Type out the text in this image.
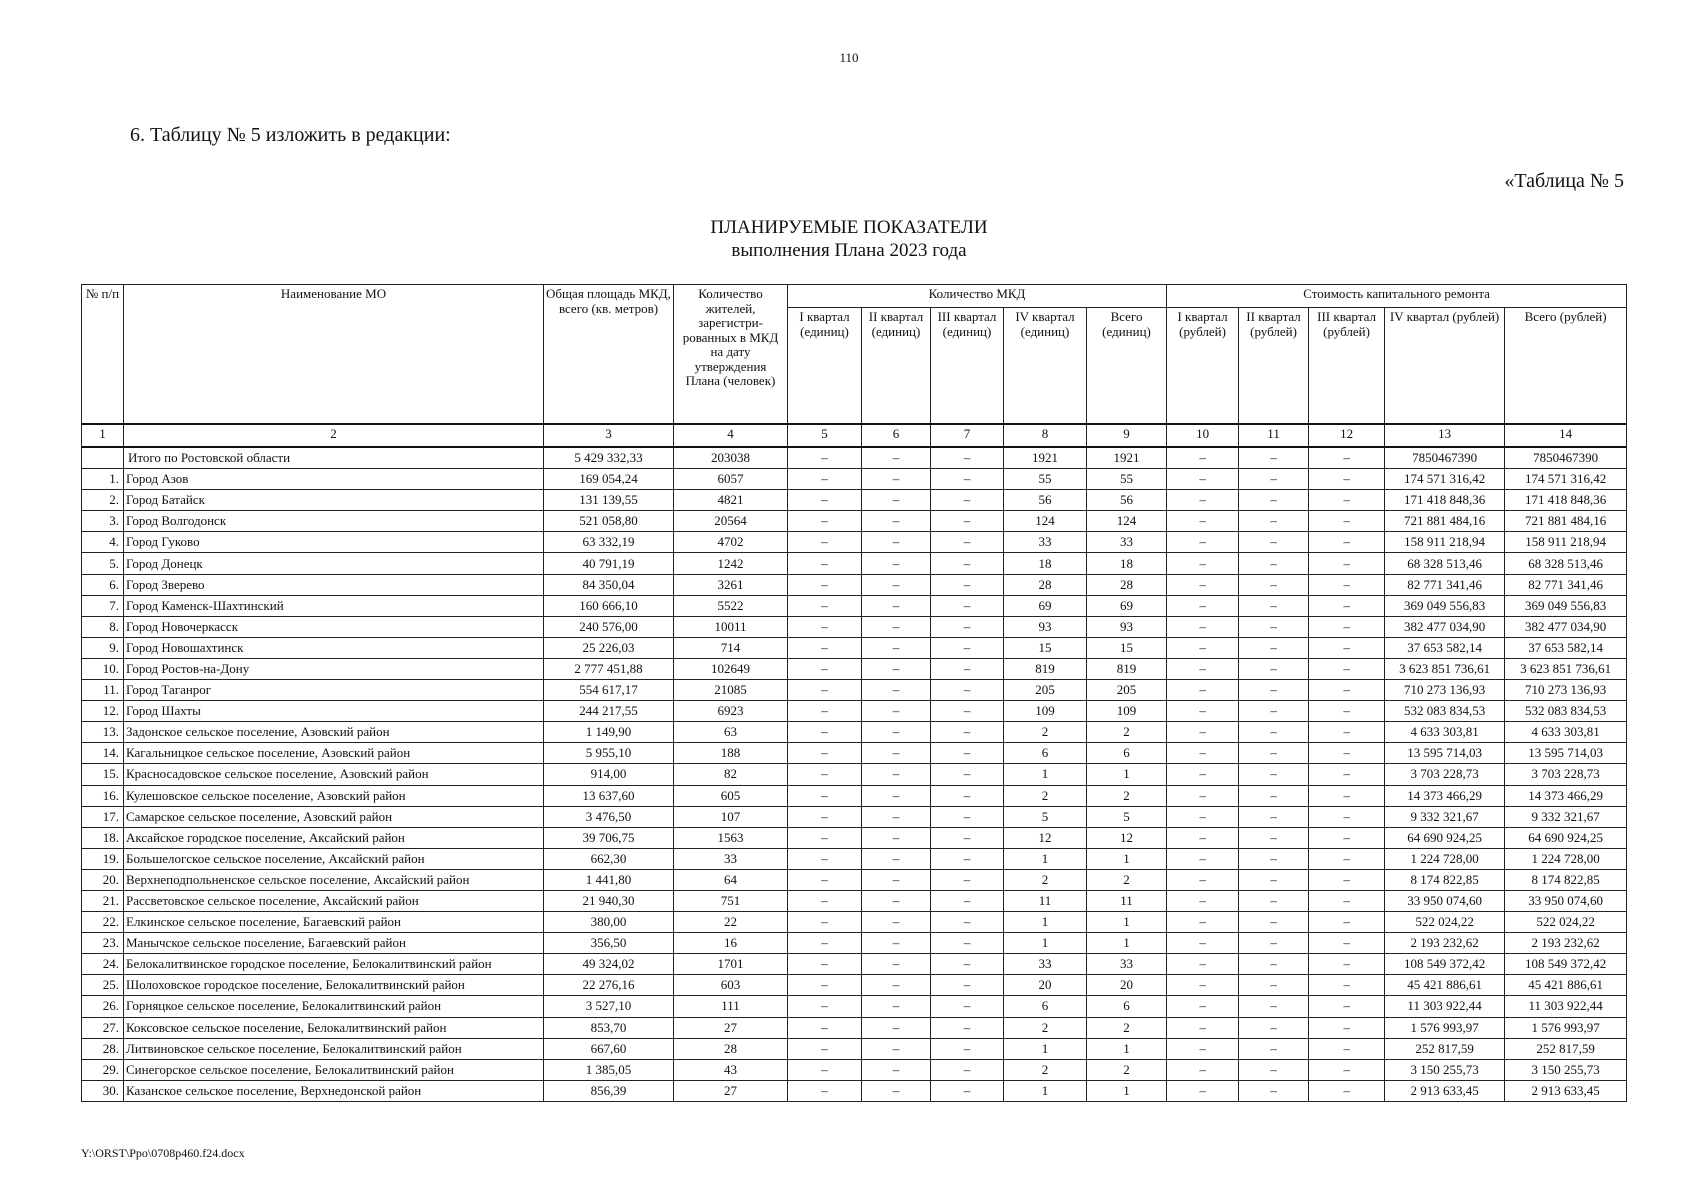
110
6. Таблицу № 5 изложить в редакции:
«Таблица № 5
ПЛАНИРУЕМЫЕ ПОКАЗАТЕЛИ
выполнения Плана 2023 года
№ п/п	Наименование МО	Общая площадь МКД, всего (кв. метров)	Количество жителей, зарегистри-рованных в МКД на дату утверждения Плана (человек)	Количество МКД					Стоимость капитального ремонта				
				I квартал (единиц)	II квартал (единиц)	III квартал (единиц)	IV квартал (единиц)	Всего (единиц)	I квартал (рублей)	II квартал (рублей)	III квартал (рублей)	IV квартал (рублей)	Всего (рублей)
1	2	3	4	5	6	7	8	9	10	11	12	13	14
	Итого по Ростовской области	5 429 332,33	203038	–	–	–	1921	1921	–	–	–	7850467390	7850467390
1.	Город Азов	169 054,24	6057	–	–	–	55	55	–	–	–	174 571 316,42	174 571 316,42
2.	Город Батайск	131 139,55	4821	–	–	–	56	56	–	–	–	171 418 848,36	171 418 848,36
3.	Город Волгодонск	521 058,80	20564	–	–	–	124	124	–	–	–	721 881 484,16	721 881 484,16
4.	Город Гуково	63 332,19	4702	–	–	–	33	33	–	–	–	158 911 218,94	158 911 218,94
5.	Город Донецк	40 791,19	1242	–	–	–	18	18	–	–	–	68 328 513,46	68 328 513,46
6.	Город Зверево	84 350,04	3261	–	–	–	28	28	–	–	–	82 771 341,46	82 771 341,46
7.	Город Каменск-Шахтинский	160 666,10	5522	–	–	–	69	69	–	–	–	369 049 556,83	369 049 556,83
8.	Город Новочеркасск	240 576,00	10011	–	–	–	93	93	–	–	–	382 477 034,90	382 477 034,90
9.	Город Новошахтинск	25 226,03	714	–	–	–	15	15	–	–	–	37 653 582,14	37 653 582,14
10.	Город Ростов-на-Дону	2 777 451,88	102649	–	–	–	819	819	–	–	–	3 623 851 736,61	3 623 851 736,61
11.	Город Таганрог	554 617,17	21085	–	–	–	205	205	–	–	–	710 273 136,93	710 273 136,93
12.	Город Шахты	244 217,55	6923	–	–	–	109	109	–	–	–	532 083 834,53	532 083 834,53
13.	Задонское сельское поселение, Азовский район	1 149,90	63	–	–	–	2	2	–	–	–	4 633 303,81	4 633 303,81
14.	Кагальницкое сельское поселение, Азовский район	5 955,10	188	–	–	–	6	6	–	–	–	13 595 714,03	13 595 714,03
15.	Красносадовское сельское поселение, Азовский район	914,00	82	–	–	–	1	1	–	–	–	3 703 228,73	3 703 228,73
16.	Кулешовское сельское поселение, Азовский район	13 637,60	605	–	–	–	2	2	–	–	–	14 373 466,29	14 373 466,29
17.	Самарское сельское поселение, Азовский район	3 476,50	107	–	–	–	5	5	–	–	–	9 332 321,67	9 332 321,67
18.	Аксайское городское поселение, Аксайский район	39 706,75	1563	–	–	–	12	12	–	–	–	64 690 924,25	64 690 924,25
19.	Большелогское сельское поселение, Аксайский район	662,30	33	–	–	–	1	1	–	–	–	1 224 728,00	1 224 728,00
20.	Верхнеподпольненское сельское поселение, Аксайский район	1 441,80	64	–	–	–	2	2	–	–	–	8 174 822,85	8 174 822,85
21.	Рассветовское сельское поселение, Аксайский район	21 940,30	751	–	–	–	11	11	–	–	–	33 950 074,60	33 950 074,60
22.	Елкинское сельское поселение, Багаевский район	380,00	22	–	–	–	1	1	–	–	–	522 024,22	522 024,22
23.	Манычское сельское поселение, Багаевский район	356,50	16	–	–	–	1	1	–	–	–	2 193 232,62	2 193 232,62
24.	Белокалитвинское городское поселение, Белокалитвинский район	49 324,02	1701	–	–	–	33	33	–	–	–	108 549 372,42	108 549 372,42
25.	Шолоховское городское поселение, Белокалитвинский район	22 276,16	603	–	–	–	20	20	–	–	–	45 421 886,61	45 421 886,61
26.	Горняцкое сельское поселение, Белокалитвинский район	3 527,10	111	–	–	–	6	6	–	–	–	11 303 922,44	11 303 922,44
27.	Коксовское сельское поселение, Белокалитвинский район	853,70	27	–	–	–	2	2	–	–	–	1 576 993,97	1 576 993,97
28.	Литвиновское сельское поселение, Белокалитвинский район	667,60	28	–	–	–	1	1	–	–	–	252 817,59	252 817,59
29.	Синегорское сельское поселение, Белокалитвинский район	1 385,05	43	–	–	–	2	2	–	–	–	3 150 255,73	3 150 255,73
30.	Казанское сельское поселение, Верхнедонской район	856,39	27	–	–	–	1	1	–	–	–	2 913 633,45	2 913 633,45
Y:\ORST\Ppo\0708p460.f24.docx
